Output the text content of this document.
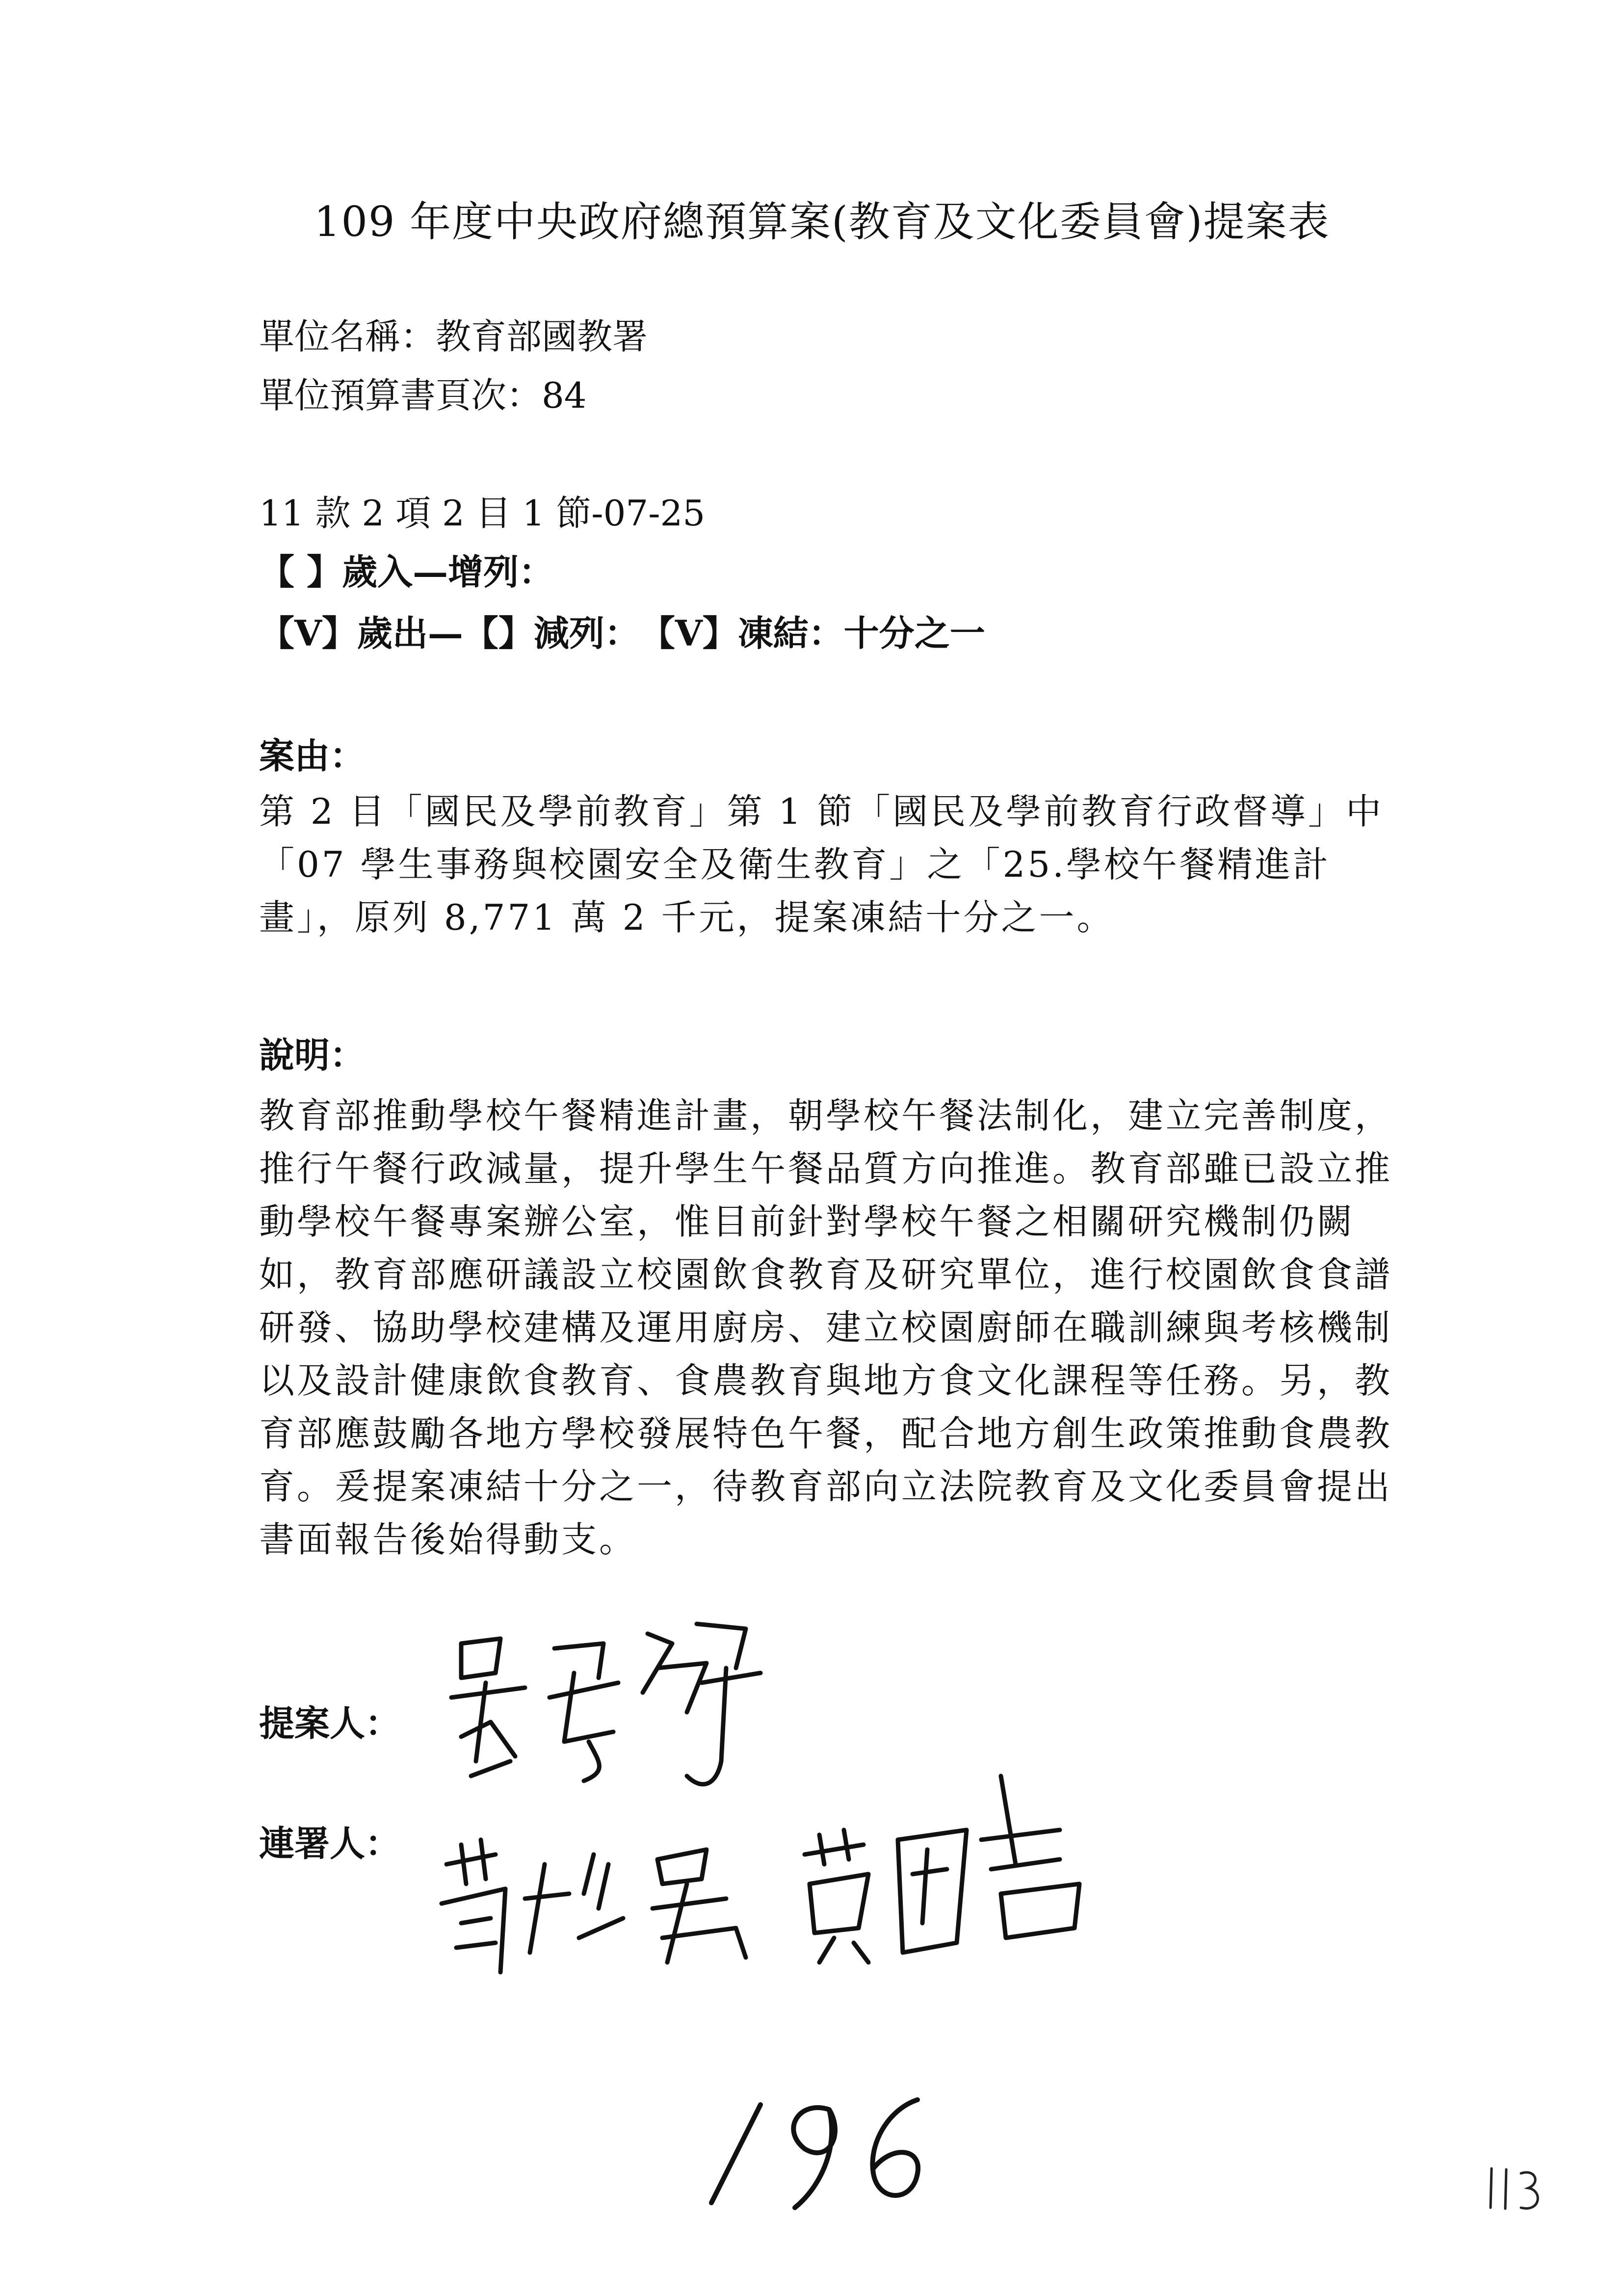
109 年度中央政府總預算案(教育及文化委員會)提案表
單位名稱：教育部國教署
單位預算書頁次：84
11 款 2 項 2 目 1 節-07-25
【 】歲入—增列：
【V】歲出—【】減列：　【V】凍結：十分之一
案由：
第 2 目「國民及學前教育」第 1 節「國民及學前教育行政督導」中
「07 學生事務與校園安全及衛生教育」之「25.學校午餐精進計
畫」，原列 8,771 萬 2 千元，提案凍結十分之一。
說明：
教育部推動學校午餐精進計畫，朝學校午餐法制化，建立完善制度，
推行午餐行政減量，提升學生午餐品質方向推進。教育部雖已設立推
動學校午餐專案辦公室，惟目前針對學校午餐之相關研究機制仍闕
如，教育部應研議設立校園飲食教育及研究單位，進行校園飲食食譜
研發、協助學校建構及運用廚房、建立校園廚師在職訓練與考核機制
以及設計健康飲食教育、食農教育與地方食文化課程等任務。另，教
育部應鼓勵各地方學校發展特色午餐，配合地方創生政策推動食農教
育。爰提案凍結十分之一，待教育部向立法院教育及文化委員會提出
書面報告後始得動支。
提案人：
連署人：
